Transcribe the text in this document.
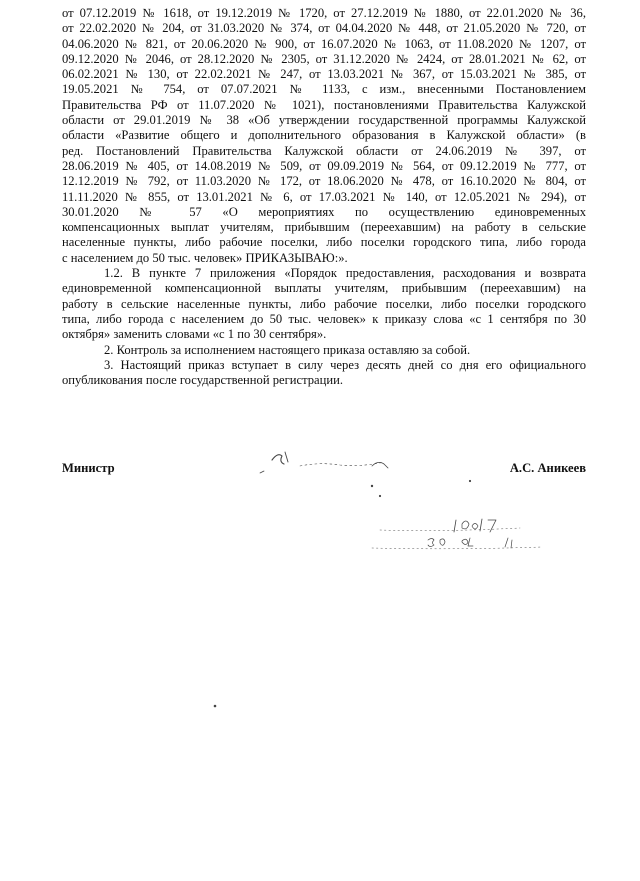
от 07.12.2019 № 1618, от 19.12.2019 № 1720, от 27.12.2019 № 1880, от 22.01.2020 № 36,
от 22.02.2020 № 204, от 31.03.2020 № 374, от 04.04.2020 № 448, от 21.05.2020 № 720, от
04.06.2020 № 821, от 20.06.2020 № 900, от 16.07.2020 № 1063, от 11.08.2020 № 1207, от
09.12.2020 № 2046, от 28.12.2020 № 2305, от 31.12.2020 № 2424, от 28.01.2021 № 62, от
06.02.2021 № 130, от 22.02.2021 № 247, от 13.03.2021 № 367, от 15.03.2021 № 385, от
19.05.2021 № 754, от 07.07.2021 № 1133, с изм., внесенными Постановлением
Правительства РФ от 11.07.2020 № 1021), постановлениями Правительства Калужской
области от 29.01.2019 № 38 «Об утверждении государственной программы Калужской
области «Развитие общего и дополнительного образования в Калужской области» (в
ред. Постановлений Правительства Калужской области от 24.06.2019 № 397, от
28.06.2019 № 405, от 14.08.2019 № 509, от 09.09.2019 № 564, от 09.12.2019 № 777, от
12.12.2019 № 792, от 11.03.2020 № 172, от 18.06.2020 № 478, от 16.10.2020 № 804, от
11.11.2020 № 855, от 13.01.2021 № 6, от 17.03.2021 № 140, от 12.05.2021 № 294), от
30.01.2020 № 57 «О мероприятиях по осуществлению единовременных
компенсационных выплат учителям, прибывшим (переехавшим) на работу в сельские
населенные пункты, либо рабочие поселки, либо поселки городского типа, либо города
с населением до 50 тыс. человек» ПРИКАЗЫВАЮ:».
1.2. В пункте 7 приложения «Порядок предоставления, расходования и возврата
единовременной компенсационной выплаты учителям, прибывшим (переехавшим) на
работу в сельские населенные пункты, либо рабочие поселки, либо поселки городского
типа, либо города с населением до 50 тыс. человек» к приказу слова «с 1 сентября по 30
октября» заменить словами «с 1 по 30 сентября».
2. Контроль за исполнением настоящего приказа оставляю за собой.
3. Настоящий приказ вступает в силу через десять дней со дня его официального
опубликования после государственной регистрации.
Министр	А.С. Аникеев
